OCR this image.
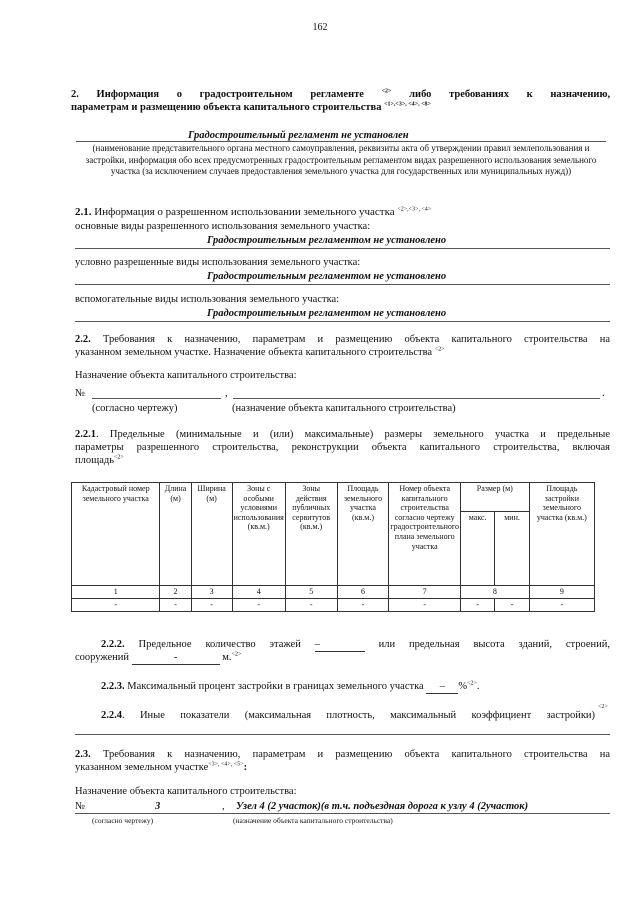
162
2. Информация о градостроительном регламенте	$^{<2>}$ либо требованиях к назначению,
параметрам и размещению объекта капитального строительства $^{<1>,<3>, <4>, <8>}$
Градостроительный регламент не установлен
(наименование представительного органа местного самоуправления, реквизиты акта об утверждении правил землепользования и застройки, информация обо всех предусмотренных градостроительным регламентом видах разрешенного использования земельного участка (за исключением случаев предоставления земельного участка для государственных или муниципальных нужд))
2.1. Информация о разрешенном использовании земельного участка $^{<2>,<3>, <4>}$
основные виды разрешенного использования земельного участка:
Градостроительным регламентом не установлено
условно разрешенные виды использования земельного участка:
Градостроительным регламентом не установлено
вспомогательные виды использования земельного участка:
Градостроительным регламентом не установлено
2.2. Требования к назначению, параметрам и размещению объекта капитального строительства на
указанном земельном участке. Назначение объекта капитального строительства $^{<2>}$
Назначение объекта капитального строительства:
№	,	.
(согласно чертежу)	(назначение объекта капитального строительства)
2.2.1. Предельные (минимальные и (или) максимальные) размеры земельного участка и предельные
параметры разрешенного строительства, реконструкции объекта капитального строительства, включая
площадь$^{<2>}$
Кадастровый номер земельного участка	Длина (м)	Ширина (м)	Зоны с особыми условиями использования (кв.м.)	Зоны действия публичных сервитутов (кв.м.)	Площадь земельного участка (кв.м.)	Номер объекта капитального строительства согласно чертежу градостроительного плана земельного участка	Размер (м)		Площадь застройки земельного участка (кв.м.)
							макс.	мин.	
1	2	3	4	5	6	7	8		9
-	-	-	-	-	-	-	-	-	-
2.2.2. Предельное количество этажей –	или предельная высота зданий, строений,
сооружений	-	м.$^{<2>}$
2.2.3. Максимальный процент застройки в границах земельного участка – %$^{<2>}$.
2.2.4. Иные показатели (максимальная плотность, максимальный коэффициент застройки)
<2>
2.3. Требования к назначению, параметрам и размещению объекта капитального строительства на
указанном земельном участке$^{<3>, <4>, <5>}$:
Назначение объекта капитального строительства:
№	3	, Узел 4 (2 участок)(в т.ч. подъездная дорога к узлу 4 (2участок)
(согласно чертежу)	(назначение объекта капитального строительства)
